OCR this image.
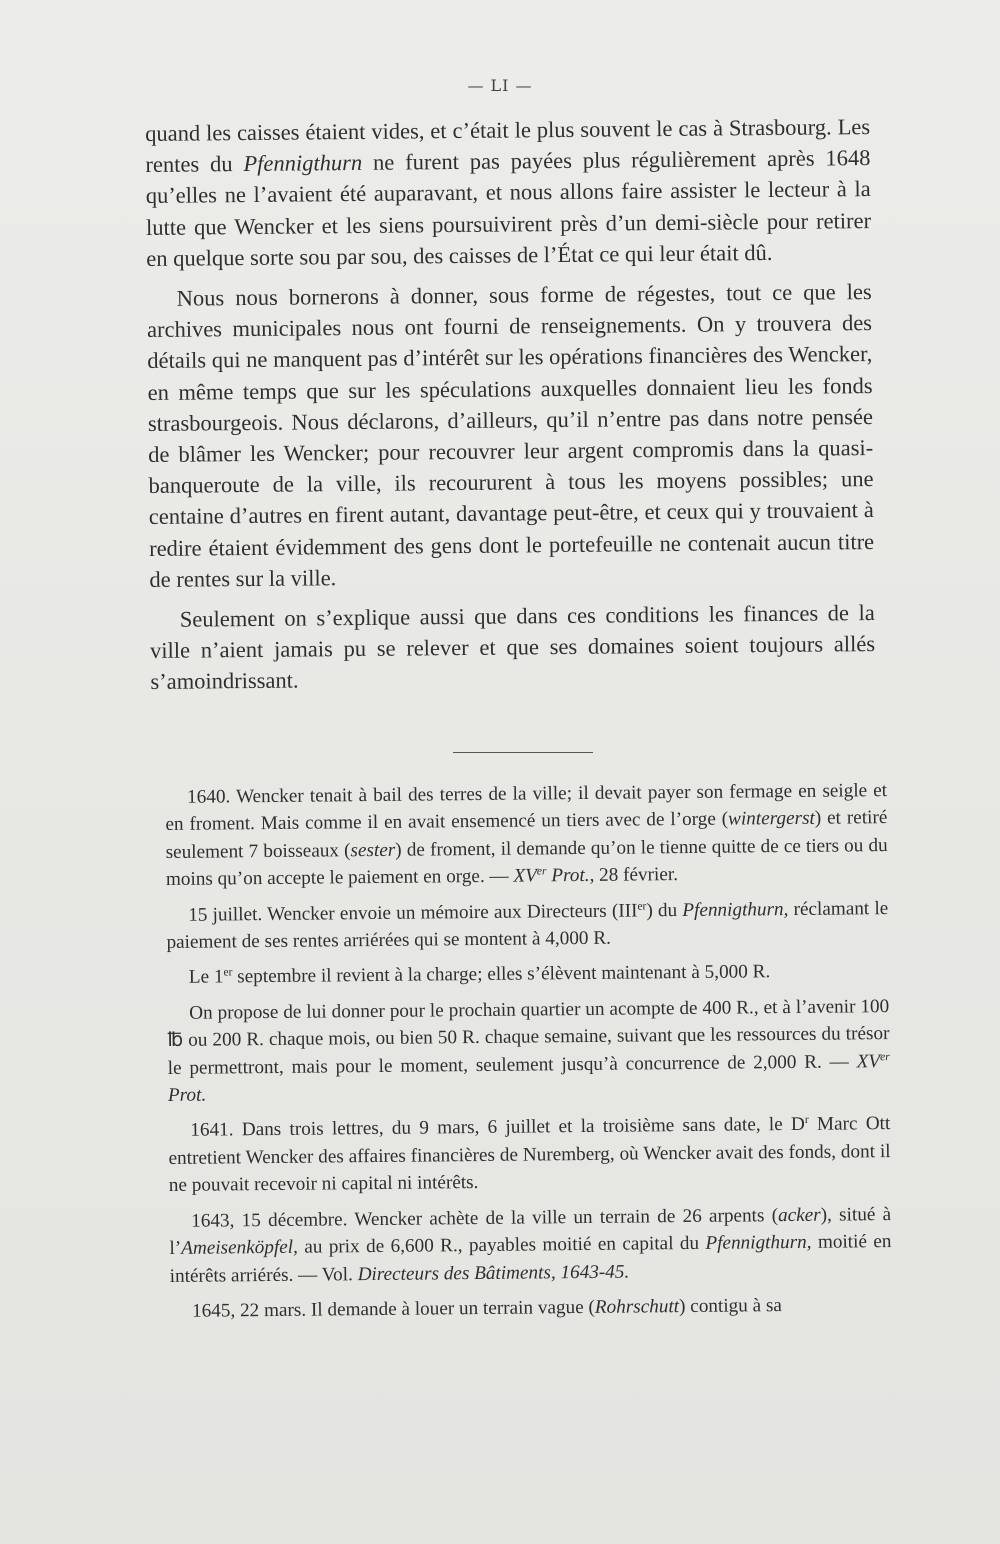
— LI —

quand les caisses étaient vides, et c’était le plus souvent le cas à Strasbourg. Les rentes du Pfennigthurn ne furent pas payées plus régulièrement après 1648 qu’elles ne l’avaient été auparavant, et nous allons faire assister le lecteur à la lutte que Wencker et les siens poursuivirent près d’un demi-siècle pour retirer en quelque sorte sou par sou, des caisses de l’État ce qui leur était dû.

Nous nous bornerons à donner, sous forme de régestes, tout ce que les archives municipales nous ont fourni de renseignements. On y trouvera des détails qui ne manquent pas d’intérêt sur les opérations financières des Wencker, en même temps que sur les spéculations auxquelles donnaient lieu les fonds strasbourgeois. Nous déclarons, d’ailleurs, qu’il n’entre pas dans notre pensée de blâmer les Wencker; pour recouvrer leur argent compromis dans la quasi-banqueroute de la ville, ils recoururent à tous les moyens possibles; une centaine d’autres en firent autant, davantage peut-être, et ceux qui y trouvaient à redire étaient évidemment des gens dont le portefeuille ne contenait aucun titre de rentes sur la ville.

Seulement on s’explique aussi que dans ces conditions les finances de la ville n’aient jamais pu se relever et que ses domaines soient toujours allés s’amoindrissant.

1640. Wencker tenait à bail des terres de la ville; il devait payer son fermage en seigle et en froment. Mais comme il en avait ensemencé un tiers avec de l’orge (wintergerst) et retiré seulement 7 boisseaux (sester) de froment, il demande qu’on le tienne quitte de ce tiers ou du moins qu’on accepte le paiement en orge. — XVer Prot., 28 février.

15 juillet. Wencker envoie un mémoire aux Directeurs (IIIer) du Pfennigthurn, réclamant le paiement de ses rentes arriérées qui se montent à 4,000 R.

Le 1er septembre il revient à la charge; elles s’élèvent maintenant à 5,000 R.

On propose de lui donner pour le prochain quartier un acompte de 400 R., et à l’avenir 100 ℔ ou 200 R. chaque mois, ou bien 50 R. chaque semaine, suivant que les ressources du trésor le permettront, mais pour le moment, seulement jusqu’à concurrence de 2,000 R. — XVer Prot.

1641. Dans trois lettres, du 9 mars, 6 juillet et la troisième sans date, le $D^r$ Marc Ott entretient Wencker des affaires financières de Nuremberg, où Wencker avait des fonds, dont il ne pouvait recevoir ni capital ni intérêts.

1643, 15 décembre. Wencker achète de la ville un terrain de 26 arpents (acker), situé à l’Ameisenköpfel, au prix de 6,600 R., payables moitié en capital du Pfennigthurn, moitié en intérêts arriérés. — Vol. Directeurs des Bâtiments, 1643-45.

1645, 22 mars. Il demande à louer un terrain vague (Rohrschutt) contigu à sa
